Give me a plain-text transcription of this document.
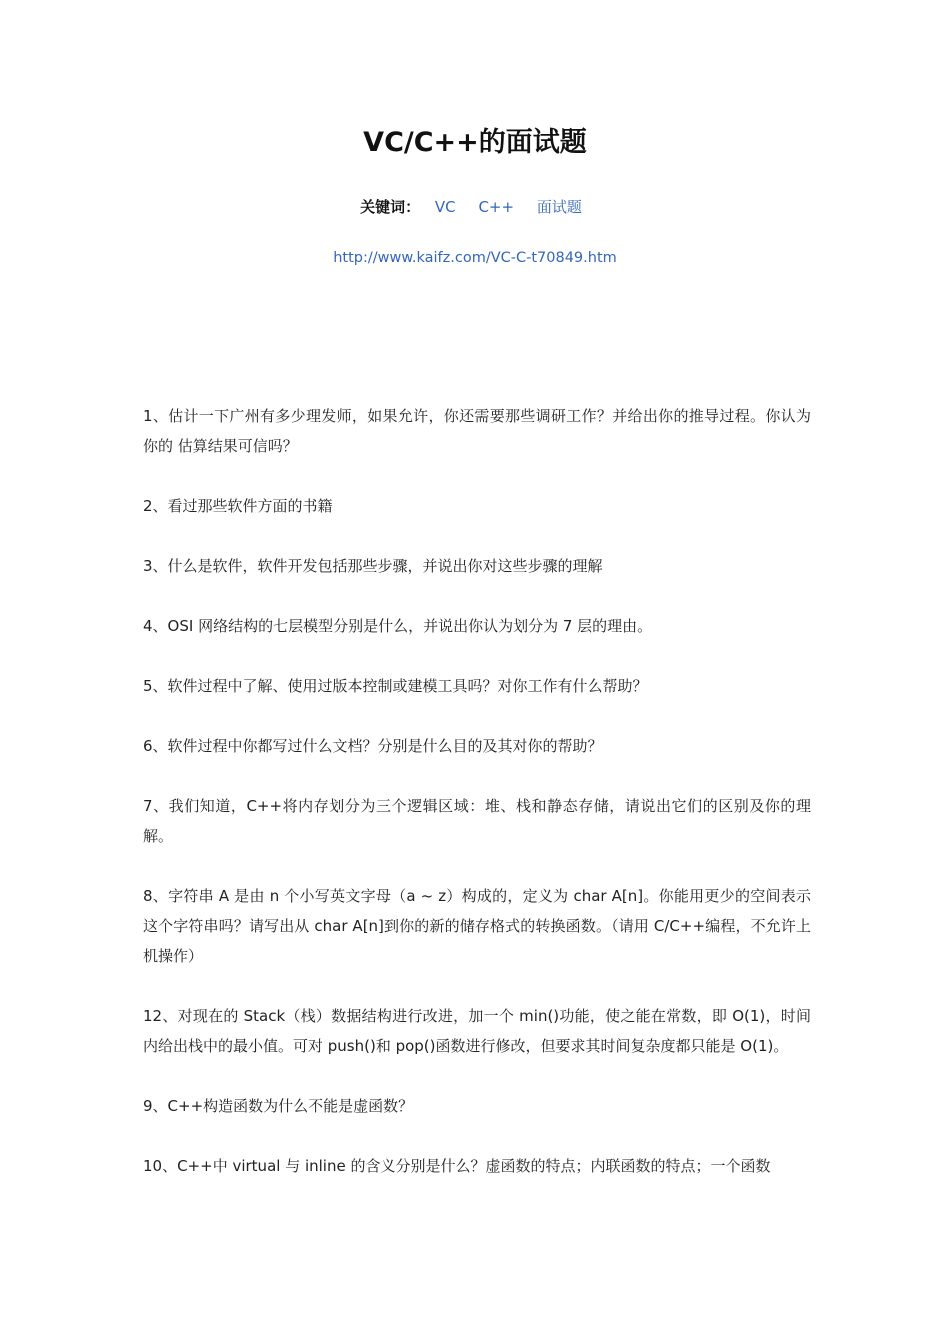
VC/C++的面试题
关键词： VC C++ 面试题
http://www.kaifz.com/VC-C-t70849.htm
1、估计一下广州有多少理发师，如果允许，你还需要那些调研工作？并给出你的推导过程。你认为你的 估算结果可信吗？
2、看过那些软件方面的书籍
3、什么是软件，软件开发包括那些步骤，并说出你对这些步骤的理解
4、OSI 网络结构的七层模型分别是什么，并说出你认为划分为 7 层的理由。
5、软件过程中了解、使用过版本控制或建模工具吗？对你工作有什么帮助？
6、软件过程中你都写过什么文档？分别是什么目的及其对你的帮助？
7、我们知道，C++将内存划分为三个逻辑区域：堆、栈和静态存储，请说出它们的区别及你的理解。
8、字符串 A 是由 n 个小写英文字母（a ~ z）构成的，定义为 char A[n]。你能用更少的空间表示这个字符串吗？请写出从 char A[n]到你的新的储存格式的转换函数。（请用 C/C++编程，不允许上机操作）
12、对现在的 Stack（栈）数据结构进行改进，加一个 min()功能，使之能在常数，即 O(1)，时间内给出栈中的最小值。可对 push()和 pop()函数进行修改，但要求其时间复杂度都只能是 O(1)。
9、C++构造函数为什么不能是虚函数？
10、C++中 virtual 与 inline 的含义分别是什么？虚函数的特点；内联函数的特点；一个函数
